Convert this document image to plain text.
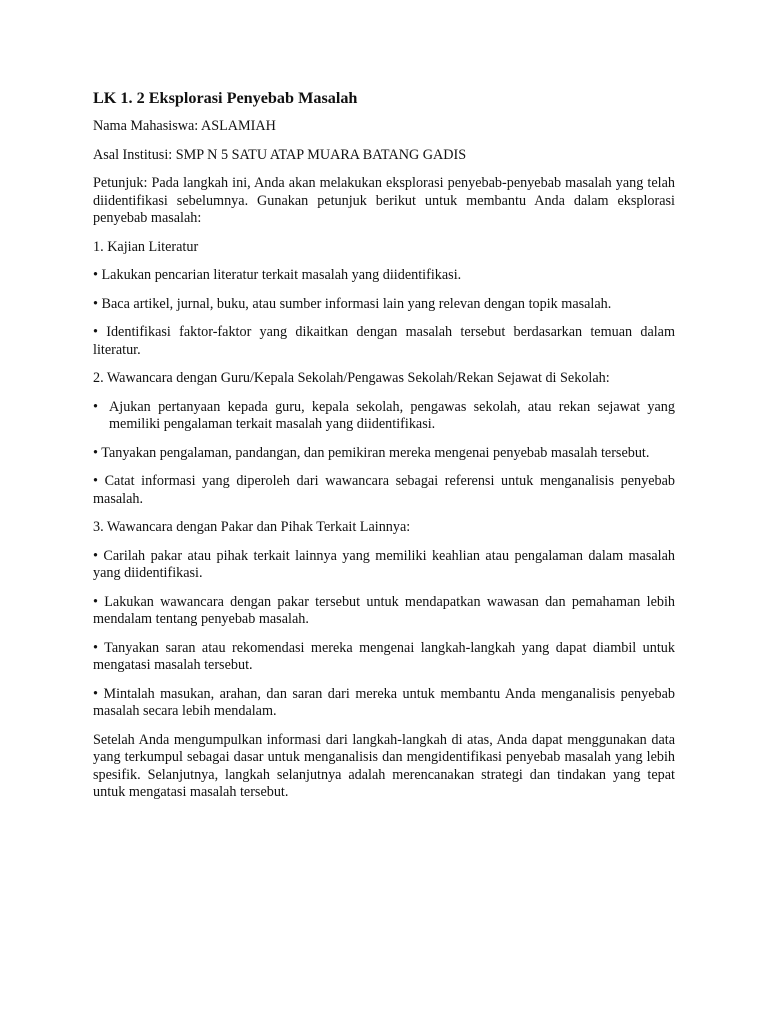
LK 1. 2 Eksplorasi Penyebab Masalah

Nama Mahasiswa: ASLAMIAH

Asal Institusi: SMP N 5 SATU ATAP MUARA BATANG GADIS

Petunjuk: Pada langkah ini, Anda akan melakukan eksplorasi penyebab-penyebab masalah yang telah diidentifikasi sebelumnya. Gunakan petunjuk berikut untuk membantu Anda dalam eksplorasi penyebab masalah:

1. Kajian Literatur

• Lakukan pencarian literatur terkait masalah yang diidentifikasi.

• Baca artikel, jurnal, buku, atau sumber informasi lain yang relevan dengan topik masalah.

• Identifikasi faktor-faktor yang dikaitkan dengan masalah tersebut berdasarkan temuan dalam literatur.

2. Wawancara dengan Guru/Kepala Sekolah/Pengawas Sekolah/Rekan Sejawat di Sekolah:

• Ajukan pertanyaan kepada guru, kepala sekolah, pengawas sekolah, atau rekan sejawat yang memiliki pengalaman terkait masalah yang diidentifikasi.

• Tanyakan pengalaman, pandangan, dan pemikiran mereka mengenai penyebab masalah tersebut.

• Catat informasi yang diperoleh dari wawancara sebagai referensi untuk menganalisis penyebab masalah.

3. Wawancara dengan Pakar dan Pihak Terkait Lainnya:

• Carilah pakar atau pihak terkait lainnya yang memiliki keahlian atau pengalaman dalam masalah yang diidentifikasi.

• Lakukan wawancara dengan pakar tersebut untuk mendapatkan wawasan dan pemahaman lebih mendalam tentang penyebab masalah.

• Tanyakan saran atau rekomendasi mereka mengenai langkah-langkah yang dapat diambil untuk mengatasi masalah tersebut.

• Mintalah masukan, arahan, dan saran dari mereka untuk membantu Anda menganalisis penyebab masalah secara lebih mendalam.

Setelah Anda mengumpulkan informasi dari langkah-langkah di atas, Anda dapat menggunakan data yang terkumpul sebagai dasar untuk menganalisis dan mengidentifikasi penyebab masalah yang lebih spesifik. Selanjutnya, langkah selanjutnya adalah merencanakan strategi dan tindakan yang tepat untuk mengatasi masalah tersebut.
